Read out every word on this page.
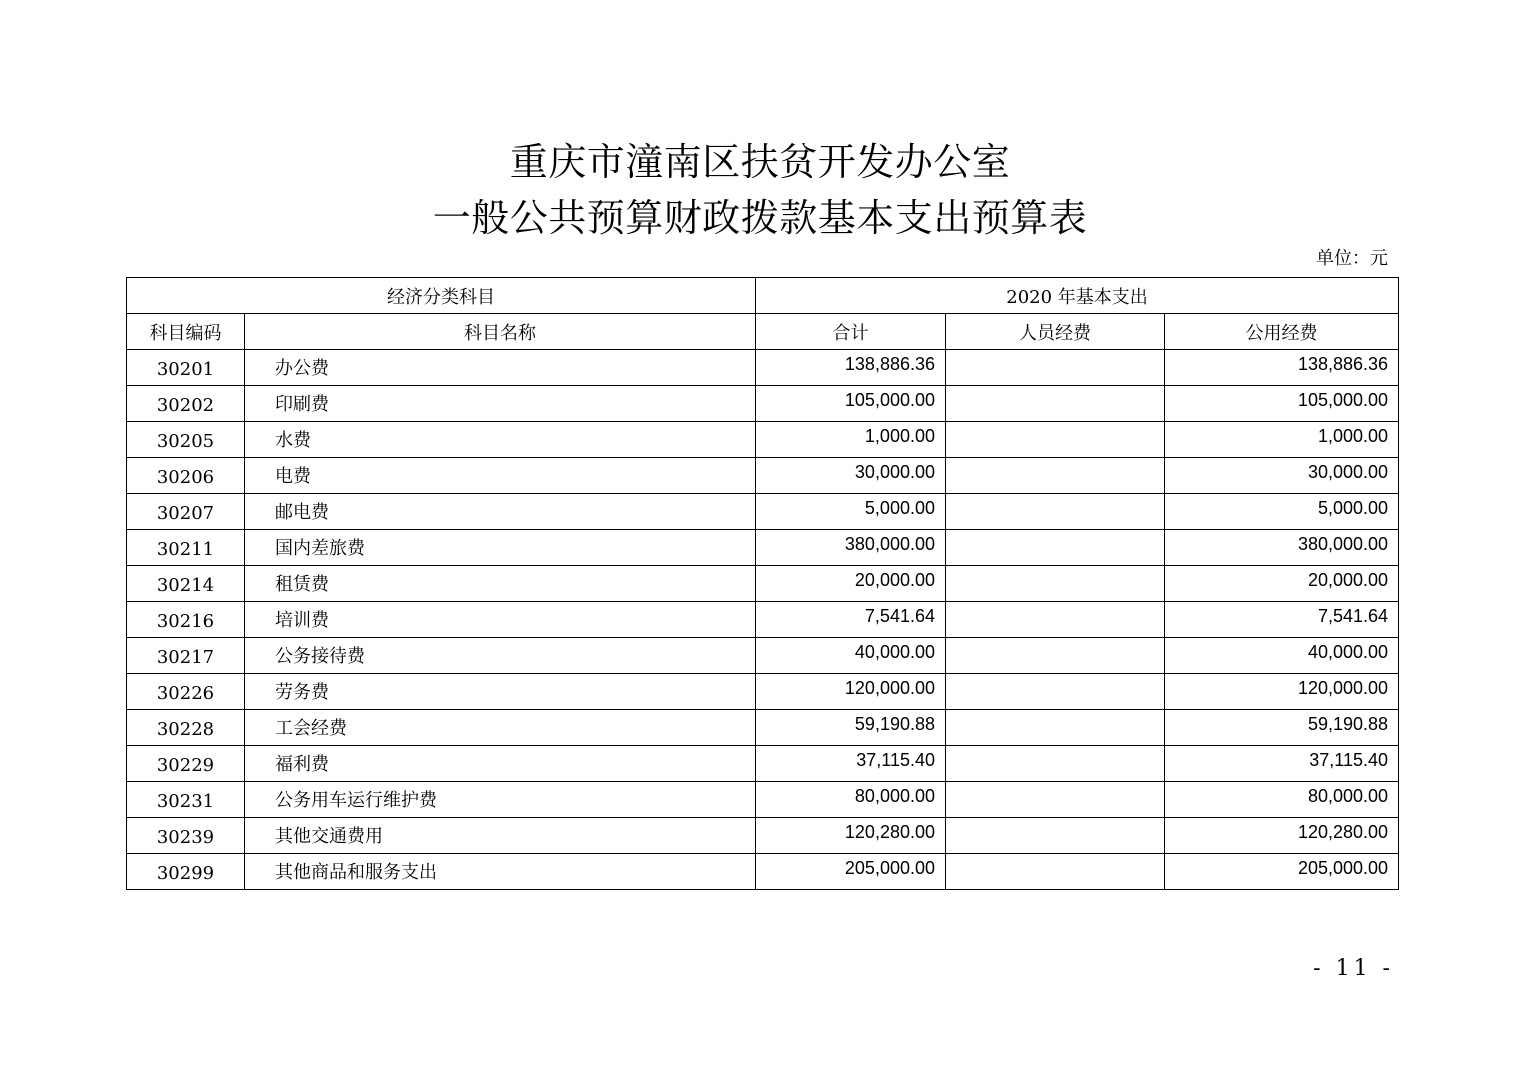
重庆市潼南区扶贫开发办公室
一般公共预算财政拨款基本支出预算表
单位：元
经济分类科目		2020 年基本支出		
科目编码	科目名称	合计	人员经费	公用经费
30201	办公费	138,886.36		138,886.36
30202	印刷费	105,000.00		105,000.00
30205	水费	1,000.00		1,000.00
30206	电费	30,000.00		30,000.00
30207	邮电费	5,000.00		5,000.00
30211	国内差旅费	380,000.00		380,000.00
30214	租赁费	20,000.00		20,000.00
30216	培训费	7,541.64		7,541.64
30217	公务接待费	40,000.00		40,000.00
30226	劳务费	120,000.00		120,000.00
30228	工会经费	59,190.88		59,190.88
30229	福利费	37,115.40		37,115.40
30231	公务用车运行维护费	80,000.00		80,000.00
30239	其他交通费用	120,280.00		120,280.00
30299	其他商品和服务支出	205,000.00		205,000.00
- 11 -
